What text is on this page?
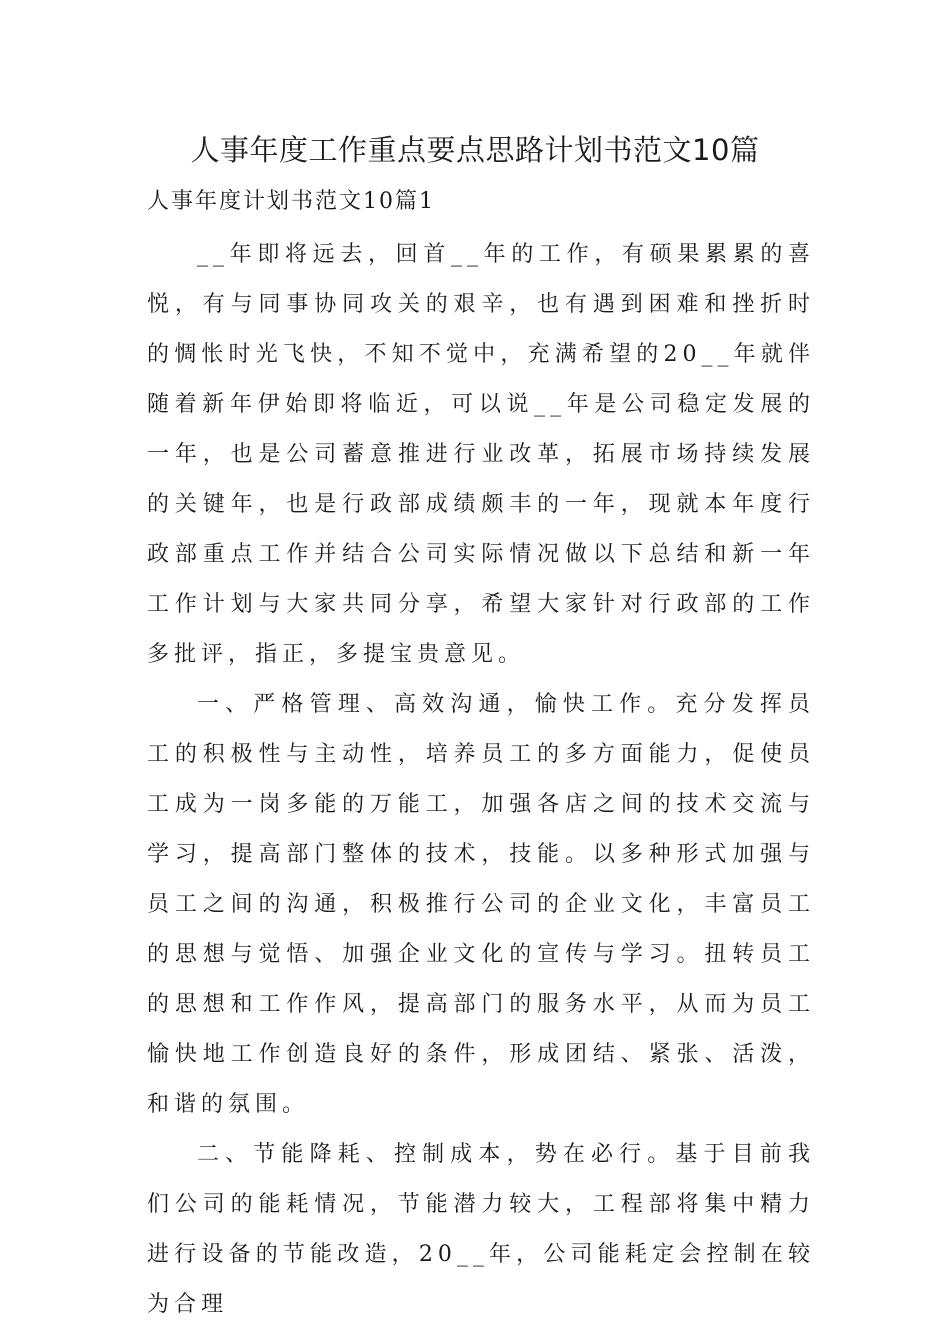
人事年度工作重点要点思路计划书范文10篇

人事年度计划书范文10篇1

__年即将远去，回首__年的工作，有硕果累累的喜悦，有与同事协同攻关的艰辛，也有遇到困难和挫折时的惆怅时光飞快，不知不觉中，充满希望的20__年就伴随着新年伊始即将临近，可以说__年是公司稳定发展的一年，也是公司蓄意推进行业改革，拓展市场持续发展的关键年，也是行政部成绩颇丰的一年，现就本年度行政部重点工作并结合公司实际情况做以下总结和新一年工作计划与大家共同分享，希望大家针对行政部的工作多批评，指正，多提宝贵意见。

一、严格管理、高效沟通，愉快工作。充分发挥员工的积极性与主动性，培养员工的多方面能力，促使员工成为一岗多能的万能工，加强各店之间的技术交流与学习，提高部门整体的技术，技能。以多种形式加强与员工之间的沟通，积极推行公司的企业文化，丰富员工的思想与觉悟、加强企业文化的宣传与学习。扭转员工的思想和工作作风，提高部门的服务水平，从而为员工愉快地工作创造良好的条件，形成团结、紧张、活泼，和谐的氛围。

二、节能降耗、控制成本，势在必行。基于目前我们公司的能耗情况，节能潜力较大，工程部将集中精力进行设备的节能改造，20__年，公司能耗定会控制在较为合理
